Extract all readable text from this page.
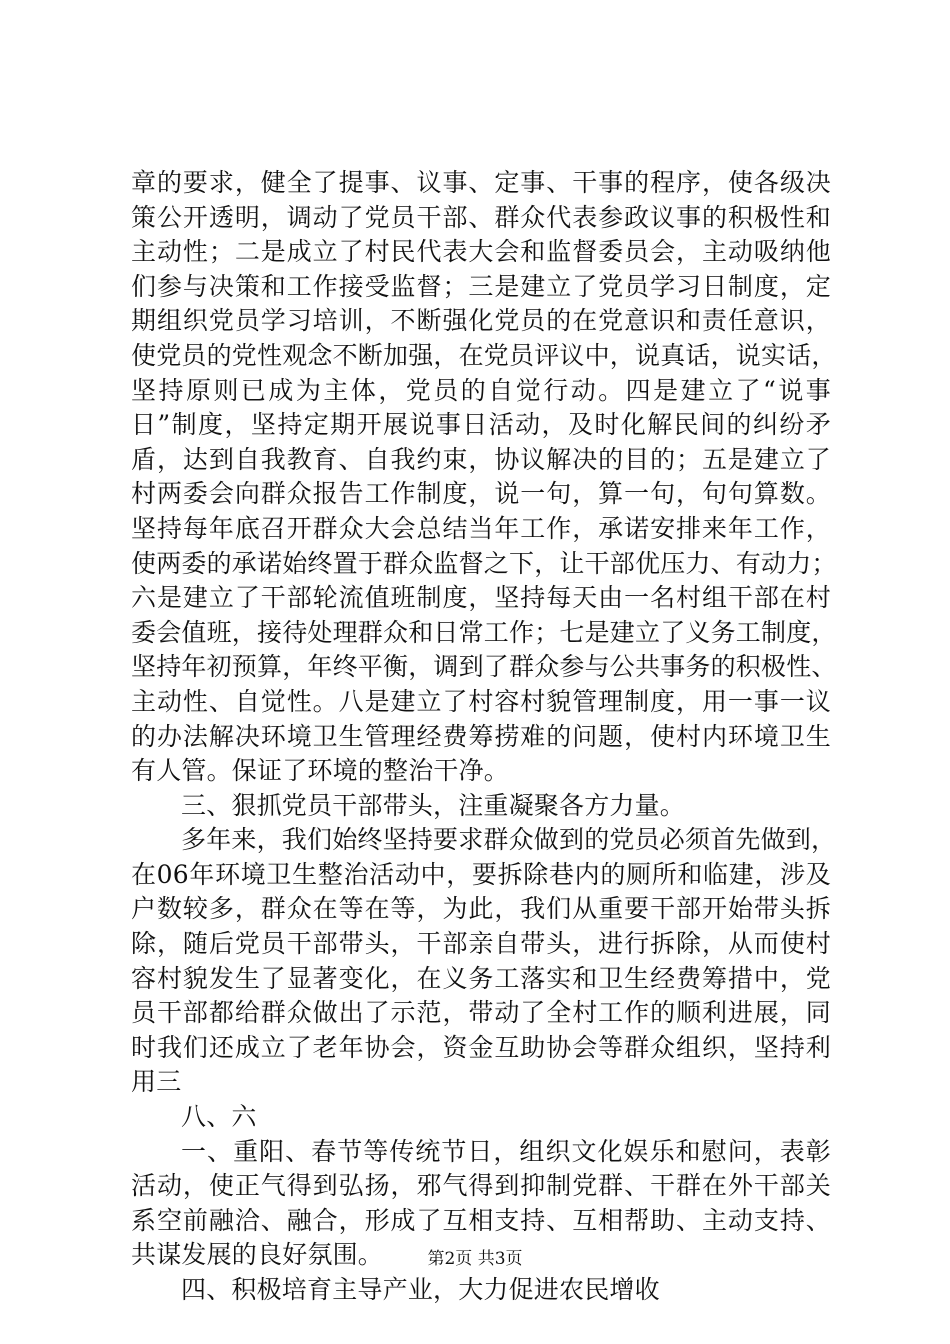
章的要求，健全了提事、议事、定事、干事的程序，使各级决
策公开透明，调动了党员干部、群众代表参政议事的积极性和
主动性；二是成立了村民代表大会和监督委员会，主动吸纳他
们参与决策和工作接受监督；三是建立了党员学习日制度，定
期组织党员学习培训，不断强化党员的在党意识和责任意识，
使党员的党性观念不断加强，在党员评议中，说真话，说实话，
坚持原则已成为主体，党员的自觉行动。四是建立了“说事
日”制度，坚持定期开展说事日活动，及时化解民间的纠纷矛
盾，达到自我教育、自我约束，协议解决的目的；五是建立了
村两委会向群众报告工作制度，说一句，算一句，句句算数。
坚持每年底召开群众大会总结当年工作，承诺安排来年工作，
使两委的承诺始终置于群众监督之下，让干部优压力、有动力；
六是建立了干部轮流值班制度，坚持每天由一名村组干部在村
委会值班，接待处理群众和日常工作；七是建立了义务工制度，
坚持年初预算，年终平衡，调到了群众参与公共事务的积极性、
主动性、自觉性。八是建立了村容村貌管理制度，用一事一议
的办法解决环境卫生管理经费筹捞难的问题，使村内环境卫生
有人管。保证了环境的整治干净。
三、狠抓党员干部带头，注重凝聚各方力量。
多年来，我们始终坚持要求群众做到的党员必须首先做到，
在06年环境卫生整治活动中，要拆除巷内的厕所和临建，涉及
户数较多，群众在等在等，为此，我们从重要干部开始带头拆
除，随后党员干部带头，干部亲自带头，进行拆除，从而使村
容村貌发生了显著变化，在义务工落实和卫生经费筹措中，党
员干部都给群众做出了示范，带动了全村工作的顺利进展，同
时我们还成立了老年协会，资金互助协会等群众组织，坚持利
用三
八、六
一、重阳、春节等传统节日，组织文化娱乐和慰问，表彰
活动，使正气得到弘扬，邪气得到抑制党群、干群在外干部关
系空前融洽、融合，形成了互相支持、互相帮助、主动支持、
共谋发展的良好氛围。
四、积极培育主导产业，大力促进农民增收
第2页 共3页
